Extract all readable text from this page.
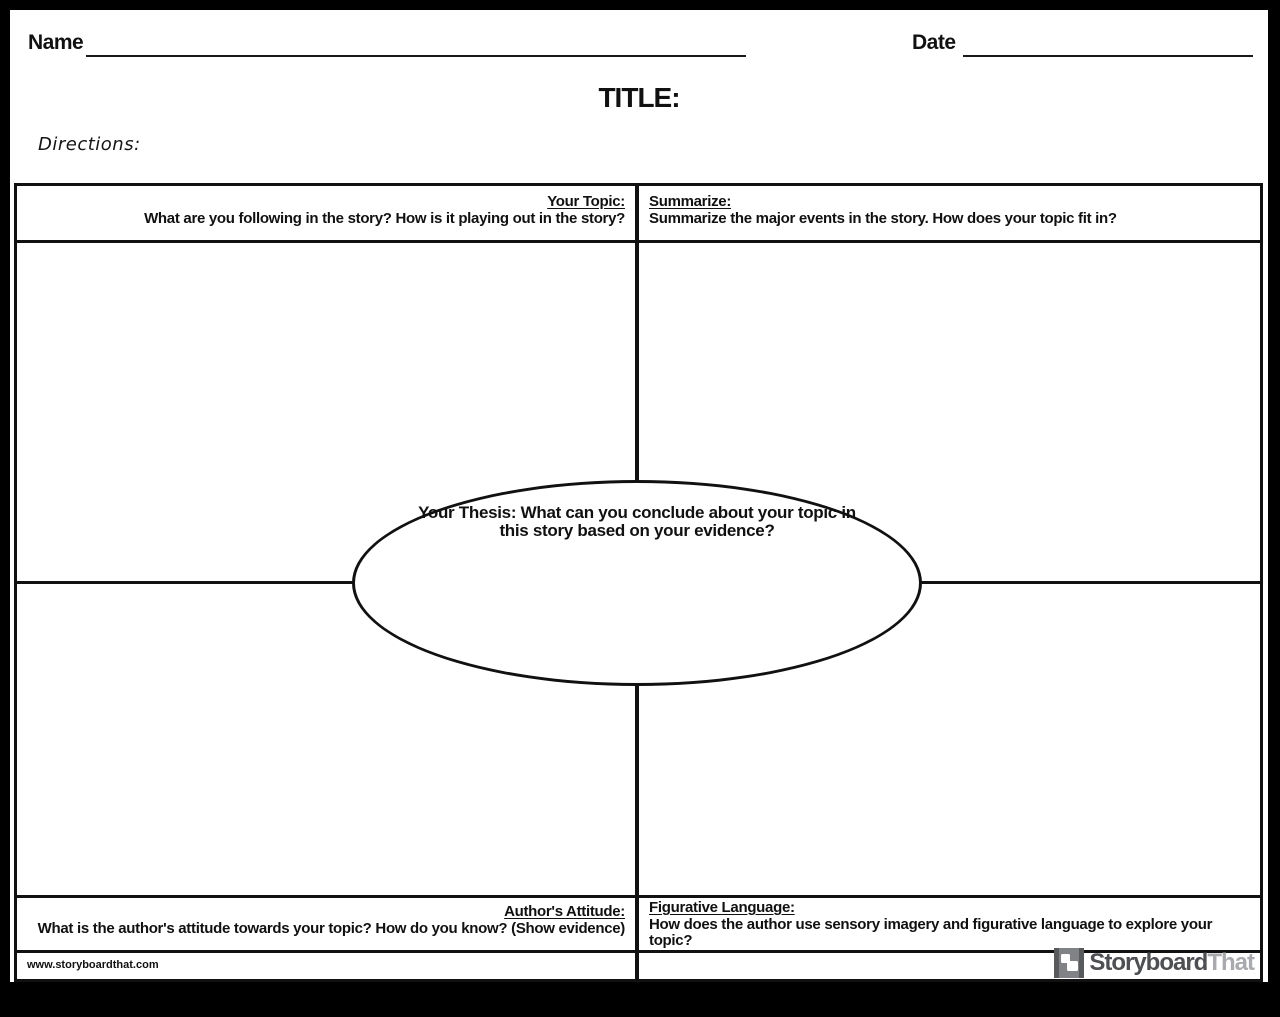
Name	Date
TITLE:
Directions:
Your Topic:
What are you following in the story? How is it playing out in the story?
Summarize:
Summarize the major events in the story. How does your topic fit in?
Author's Attitude:
What is the author's attitude towards your topic? How do you know? (Show evidence)
Figurative Language:
How does the author use sensory imagery and figurative language to explore your topic?
Your Thesis: What can you conclude about your topic in this story based on your evidence?
www.storyboardthat.com	StoryboardThat
